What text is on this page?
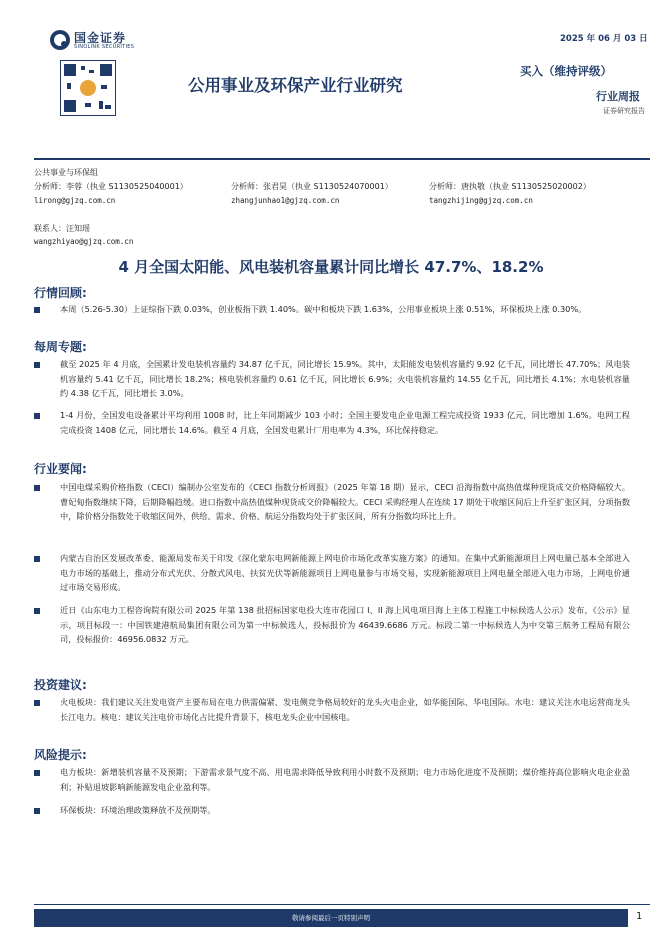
国金证券
SINOLINK SECURITIES
2025 年 06 月 03 日
公用事业及环保产业行业研究
买入（维持评级）
行业周报
证券研究报告
公共事业与环保组
分析师：李蓉（执业 S1130525040001）
lirong@gjzq.com.cn
分析师：张君昊（执业 S1130524070001）
zhangjunhao1@gjzq.com.cn
分析师：唐执敬（执业 S1130525020002）
tangzhijing@gjzq.com.cn
联系人：汪知瑶
wangzhiyao@gjzq.com.cn
4 月全国太阳能、风电装机容量累计同比增长 47.7%、18.2%
行情回顾:
本周（5.26-5.30）上证综指下跌 0.03%，创业板指下跌 1.40%。碳中和板块下跌 1.63%，公用事业板块上涨 0.51%，环保板块上涨 0.30%。
每周专题:
截至 2025 年 4 月底，全国累计发电装机容量约 34.87 亿千瓦，同比增长 15.9%。其中，太阳能发电装机容量约 9.92 亿千瓦，同比增长 47.70%；风电装机容量约 5.41 亿千瓦，同比增长 18.2%；核电装机容量约 0.61 亿千瓦，同比增长 6.9%；火电装机容量约 14.55 亿千瓦，同比增长 4.1%；水电装机容量约 4.38 亿千瓦，同比增长 3.0%。
1-4 月份，全国发电设备累计平均利用 1008 时，比上年同期减少 103 小时；全国主要发电企业电源工程完成投资 1933 亿元，同比增加 1.6%。电网工程完成投资 1408 亿元，同比增长 14.6%。截至 4 月底，全国发电累计厂用电率为 4.3%，环比保持稳定。
行业要闻:
中国电煤采购价格指数（CECI）编制办公室发布的《CECI 指数分析周报》（2025 年第 18 期）显示，CECI 沿海指数中高热值煤种现货成交价格降幅较大。曹妃甸指数继续下降，后期降幅趋缓。进口指数中高热值煤种现货成交价降幅较大。CECI 采购经理人在连续 17 期处于收缩区间后上升至扩张区间，分项指数中，除价格分指数处于收缩区间外，供给、需求、价格、航运分指数均处于扩张区间，所有分指数均环比上升。
内蒙古自治区发展改革委、能源局发布关于印发《深化蒙东电网新能源上网电价市场化改革实施方案》的通知。在集中式新能源项目上网电量已基本全部进入电力市场的基础上，推动分布式光伏、分散式风电、扶贫光伏等新能源项目上网电量参与市场交易，实现新能源项目上网电量全部进入电力市场，上网电价通过市场交易形成。
近日《山东电力工程咨询院有限公司 2025 年第 138 批招标国家电投大连市花园口 I、II 海上风电项目海上主体工程施工中标候选人公示》发布，《公示》显示，项目标段一：中国铁建港航局集团有限公司为第一中标候选人，投标报价为 46439.6686 万元。标段二第一中标候选人为中交第三航务工程局有限公司，投标报价：46956.0832 万元。
投资建议:
火电板块：我们建议关注发电资产主要布局在电力供需偏紧、发电侧竞争格局较好的龙头火电企业，如华能国际、华电国际。水电：建议关注水电运营商龙头长江电力。核电：建议关注电价市场化占比提升背景下，核电龙头企业中国核电。
风险提示:
电力板块：新增装机容量不及预期；下游需求景气度不高、用电需求降低导致利用小时数不及预期；电力市场化进度不及预期；煤价维持高位影响火电企业盈利；补贴退坡影响新能源发电企业盈利等。
环保板块：环境治理政策释放不及预期等。
敬请参阅最后一页特别声明	1
